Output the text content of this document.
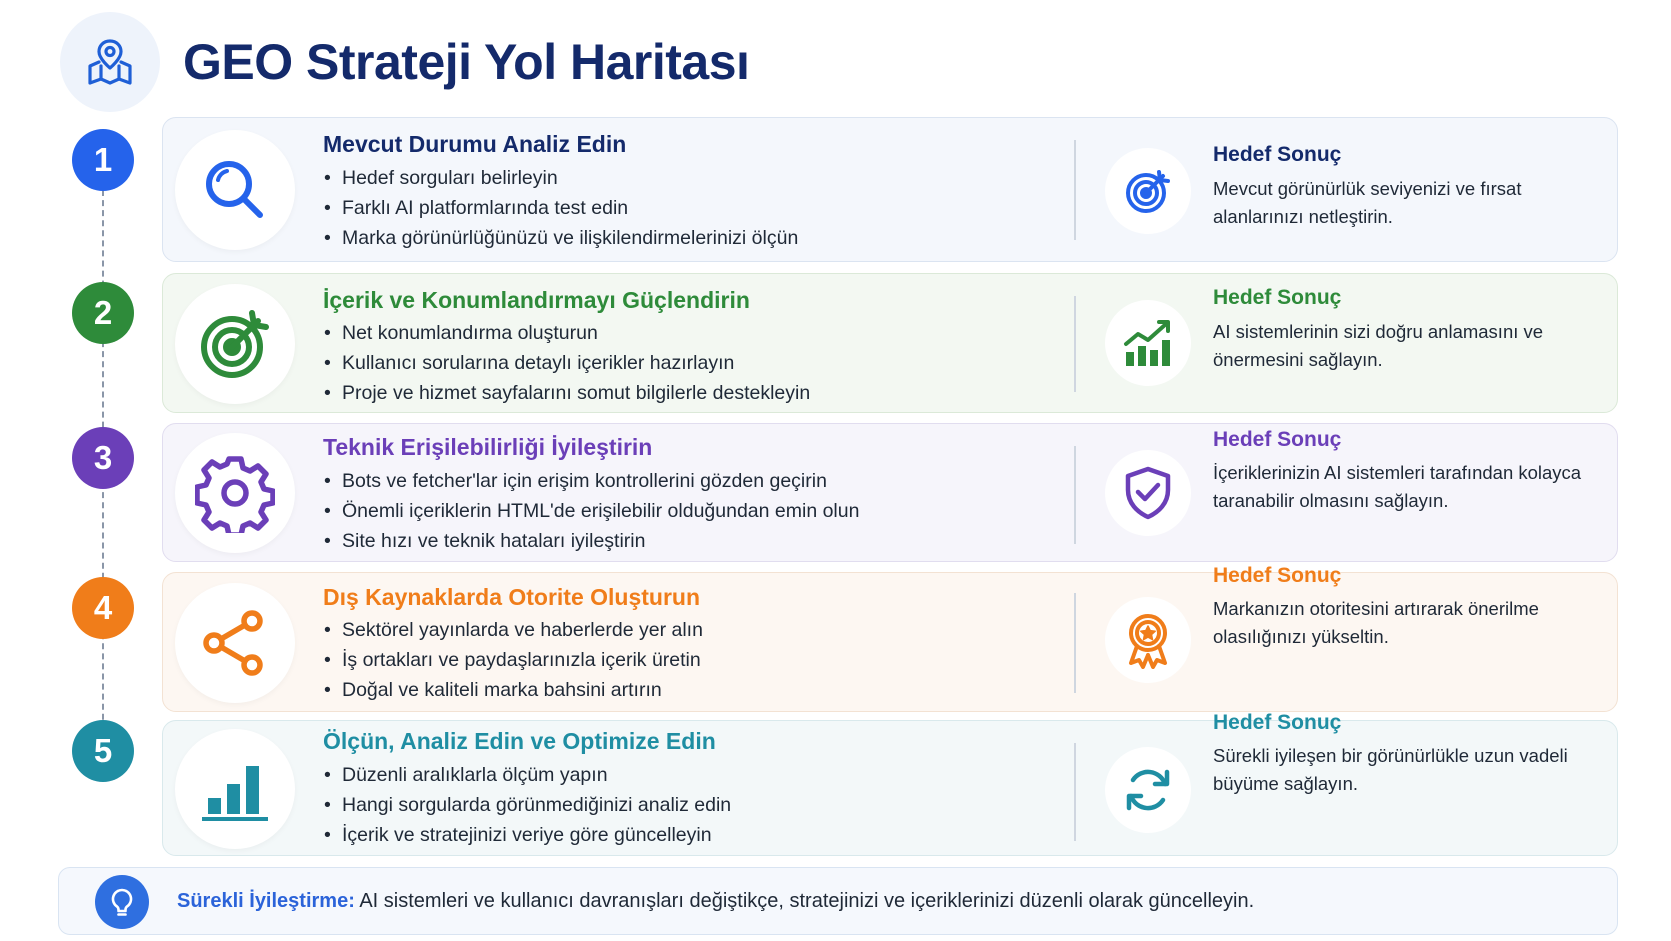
GEO Strateji Yol Haritası
1
2
3
4
5
Mevcut Durumu Analiz Edin
• Hedef sorguları belirleyin
• Farklı AI platformlarında test edin
• Marka görünürlüğünüzü ve ilişkilendirmelerinizi ölçün
Hedef Sonuç
Mevcut görünürlük seviyenizi ve fırsat alanlarınızı netleştirin.
İçerik ve Konumlandırmayı Güçlendirin
• Net konumlandırma oluşturun
• Kullanıcı sorularına detaylı içerikler hazırlayın
• Proje ve hizmet sayfalarını somut bilgilerle destekleyin
Hedef Sonuç
AI sistemlerinin sizi doğru anlamasını ve önermesini sağlayın.
Teknik Erişilebilirliği İyileştirin
• Bots ve fetcher'lar için erişim kontrollerini gözden geçirin
• Önemli içeriklerin HTML'de erişilebilir olduğundan emin olun
• Site hızı ve teknik hataları iyileştirin
Hedef Sonuç
İçeriklerinizin AI sistemleri tarafından kolayca taranabilir olmasını sağlayın.
Dış Kaynaklarda Otorite Oluşturun
• Sektörel yayınlarda ve haberlerde yer alın
• İş ortakları ve paydaşlarınızla içerik üretin
• Doğal ve kaliteli marka bahsini artırın
Hedef Sonuç
Markanızın otoritesini artırarak önerilme olasılığınızı yükseltin.
Ölçün, Analiz Edin ve Optimize Edin
• Düzenli aralıklarla ölçüm yapın
• Hangi sorgularda görünmediğinizi analiz edin
• İçerik ve stratejinizi veriye göre güncelleyin
Hedef Sonuç
Sürekli iyileşen bir görünürlükle uzun vadeli büyüme sağlayın.
Sürekli İyileştirme: AI sistemleri ve kullanıcı davranışları değiştikçe, stratejinizi ve içeriklerinizi düzenli olarak güncelleyin.
